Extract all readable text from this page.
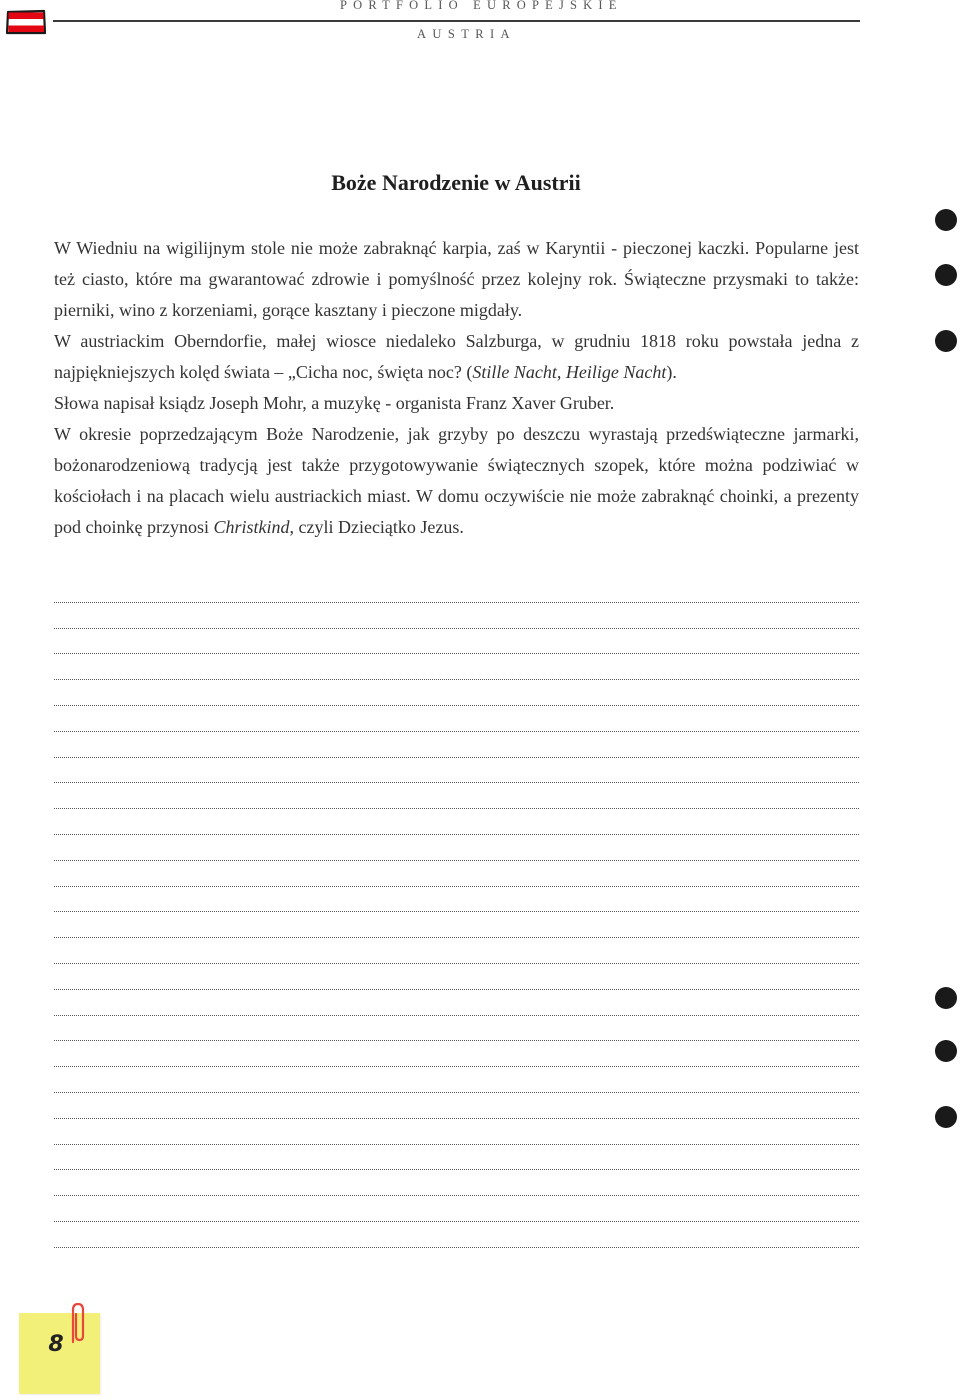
PORTFOLIO EUROPEJSKIE
AUSTRIA
Boże Narodzenie w Austrii

W Wiedniu na wigilijnym stole nie może zabraknąć karpia, zaś w Karyntii - pieczonej kaczki. Popularne jest też ciasto, które ma gwarantować zdrowie i pomyślność przez kolejny rok. Świąteczne przysmaki to także: pierniki, wino z korzeniami, gorące kasztany i pieczone migdały.

W austriackim Oberndorfie, małej wiosce niedaleko Salzburga, w grudniu 1818 roku powstała jedna z najpiękniejszych kolęd świata – „Cicha noc, święta noc? (Stille Nacht, Heilige Nacht).

Słowa napisał ksiądz Joseph Mohr, a muzykę - organista Franz Xaver Gruber.

W okresie poprzedzającym Boże Narodzenie, jak grzyby po deszczu wyrastają przedświąteczne jarmarki, bożonarodzeniową tradycją jest także przygotowywanie świątecznych szopek, które można podziwiać w kościołach i na placach wielu austriackich miast. W domu oczywiście nie może zabraknąć choinki, a prezenty pod choinkę przynosi Christkind, czyli Dzieciątko Jezus.

8
